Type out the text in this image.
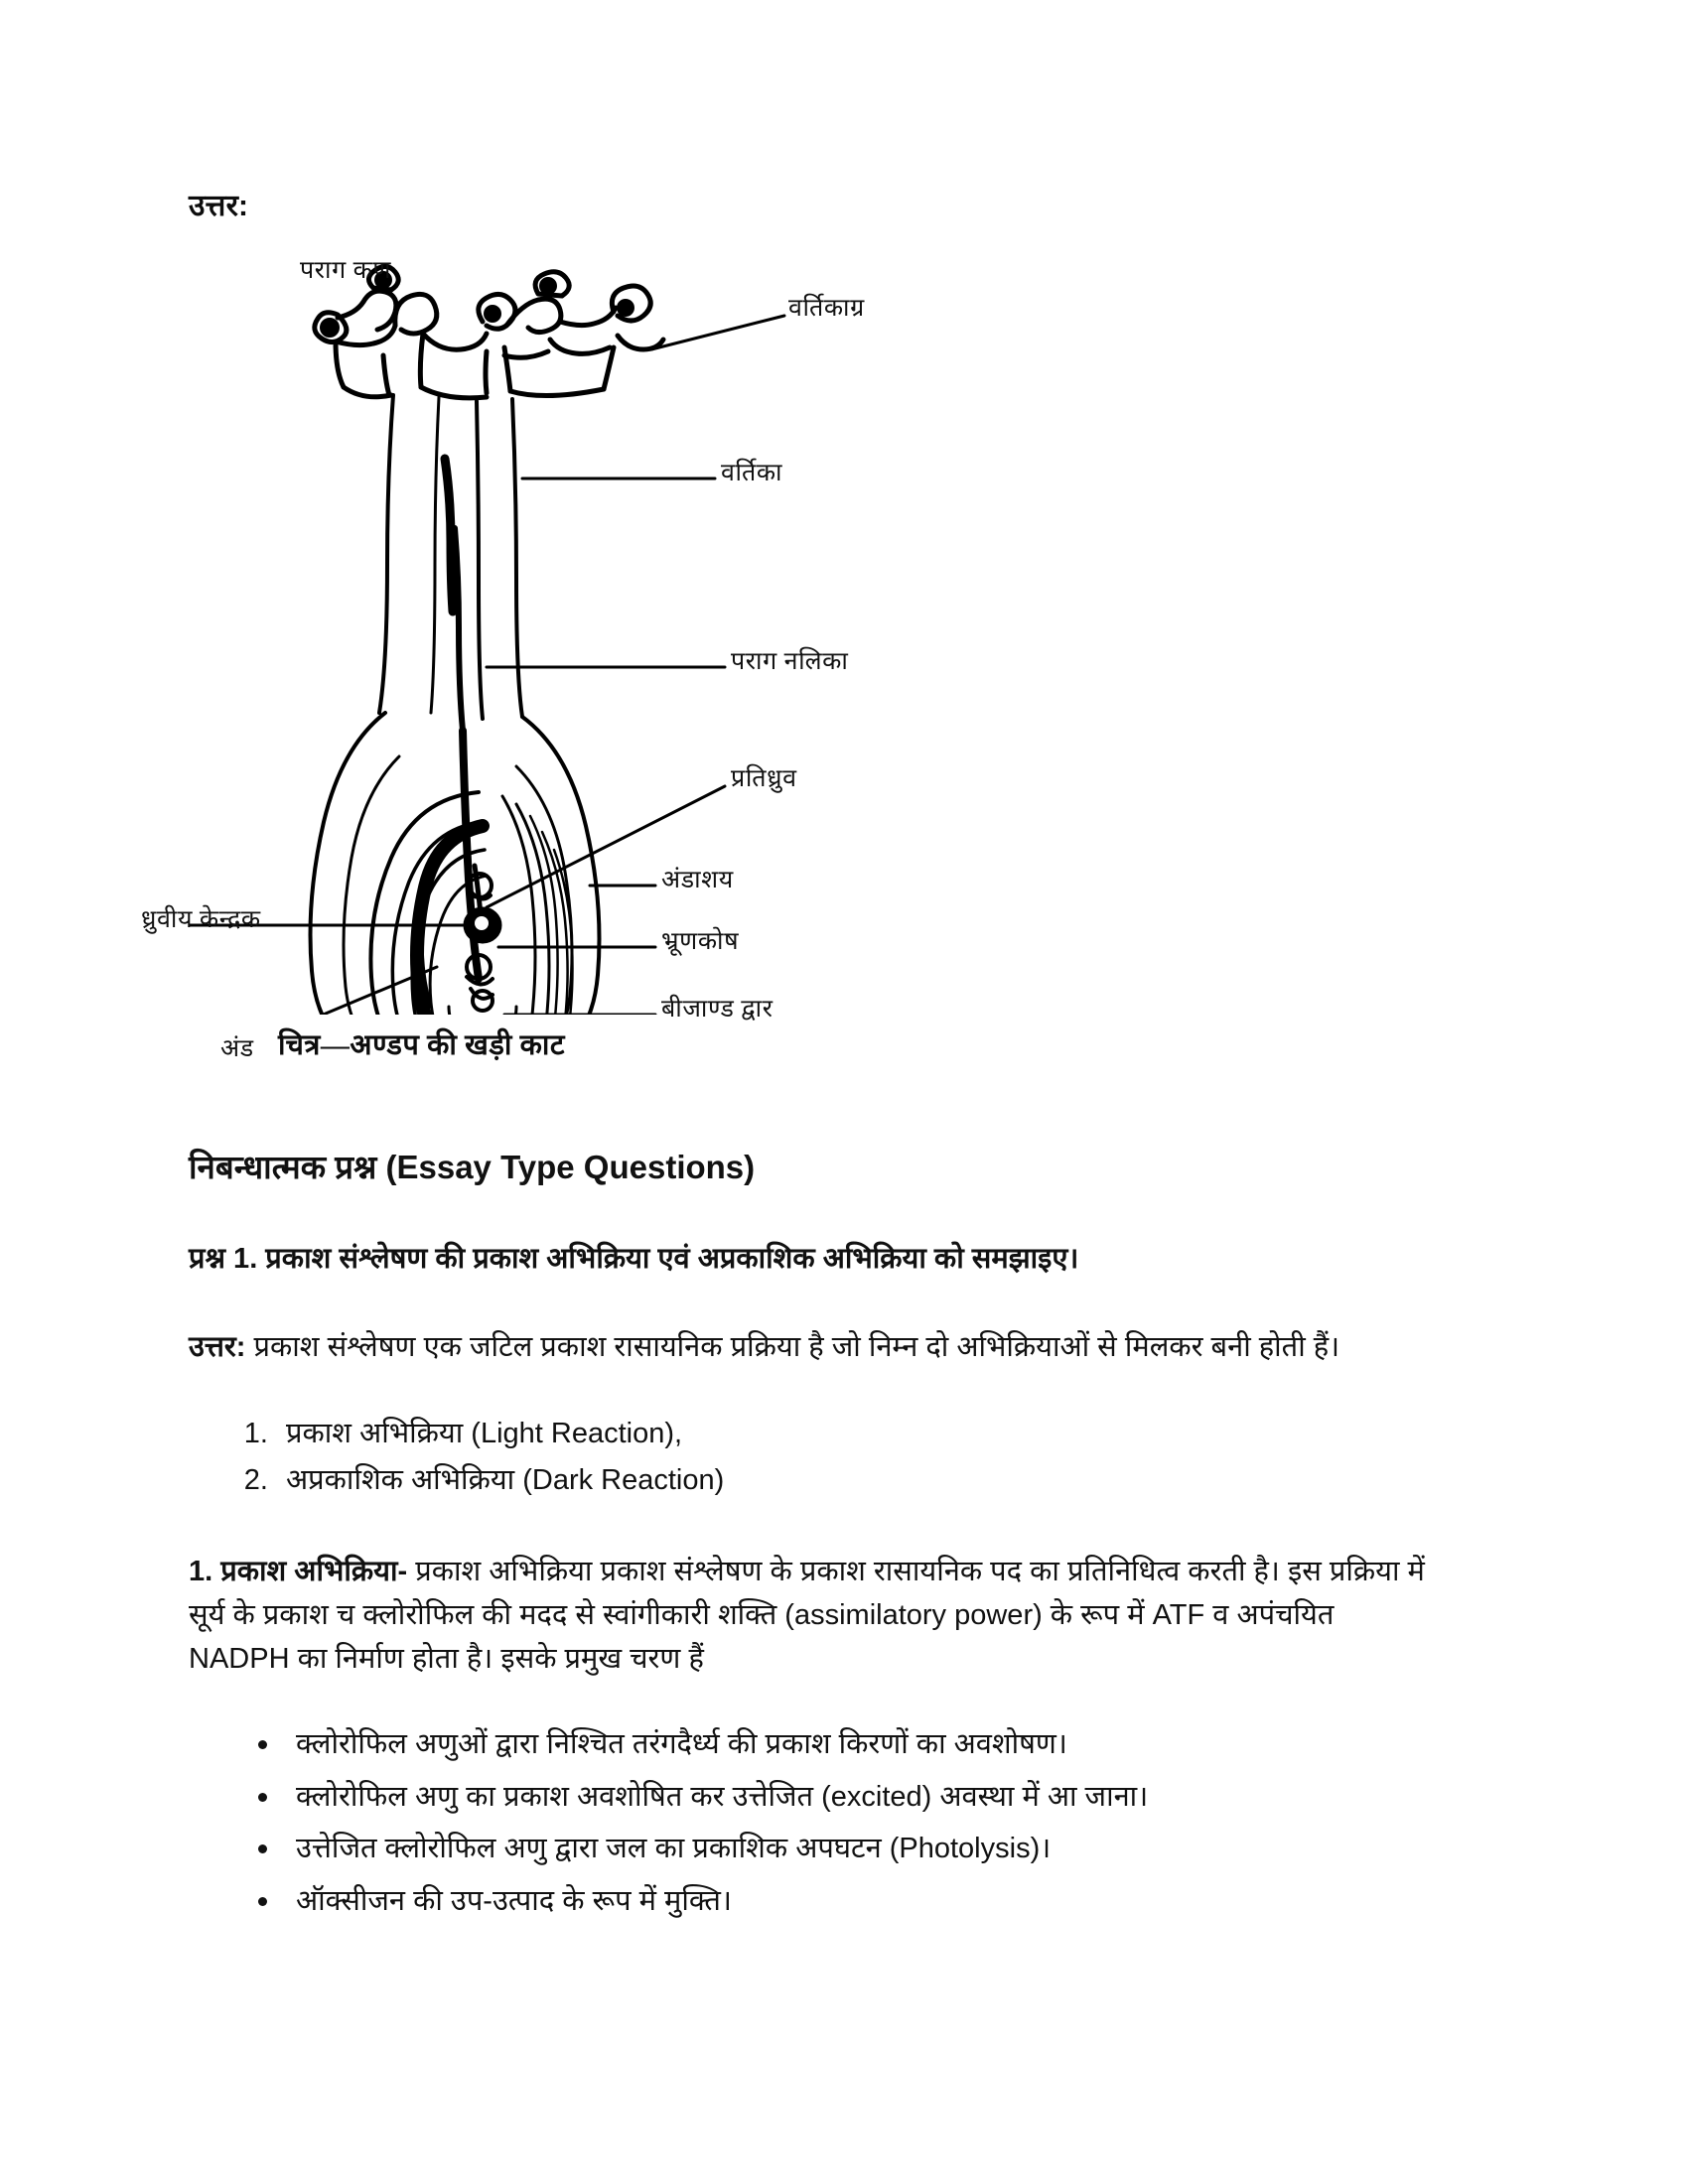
उत्तर:
पराग कण
वर्तिकाग्र
वर्तिका
पराग नलिका
प्रतिध्रुव
अंडाशय
भ्रूणकोष
बीजाण्ड द्वार
ध्रुवीय केन्द्रक
अंड चित्र—अण्डप की खड़ी काट
निबन्धात्मक प्रश्न (Essay Type Questions)

प्रश्न 1. प्रकाश संश्लेषण की प्रकाश अभिक्रिया एवं अप्रकाशिक अभिक्रिया को समझाइए।

उत्तर: प्रकाश संश्लेषण एक जटिल प्रकाश रासायनिक प्रक्रिया है जो निम्न दो अभिक्रियाओं से मिलकर बनी होती हैं।

1. प्रकाश अभिक्रिया (Light Reaction),
2. अप्रकाशिक अभिक्रिया (Dark Reaction)

1. प्रकाश अभिक्रिया- प्रकाश अभिक्रिया प्रकाश संश्लेषण के प्रकाश रासायनिक पद का प्रतिनिधित्व करती है। इस प्रक्रिया में सूर्य के प्रकाश च क्लोरोफिल की मदद से स्वांगीकारी शक्ति (assimilatory power) के रूप में ATF व अपंचयित NADPH का निर्माण होता है। इसके प्रमुख चरण हैं

क्लोरोफिल अणुओं द्वारा निश्चित तरंगदैर्ध्य की प्रकाश किरणों का अवशोषण।
क्लोरोफिल अणु का प्रकाश अवशोषित कर उत्तेजित (excited) अवस्था में आ जाना।
उत्तेजित क्लोरोफिल अणु द्वारा जल का प्रकाशिक अपघटन (Photolysis)।
ऑक्सीजन की उप-उत्पाद के रूप में मुक्ति।
